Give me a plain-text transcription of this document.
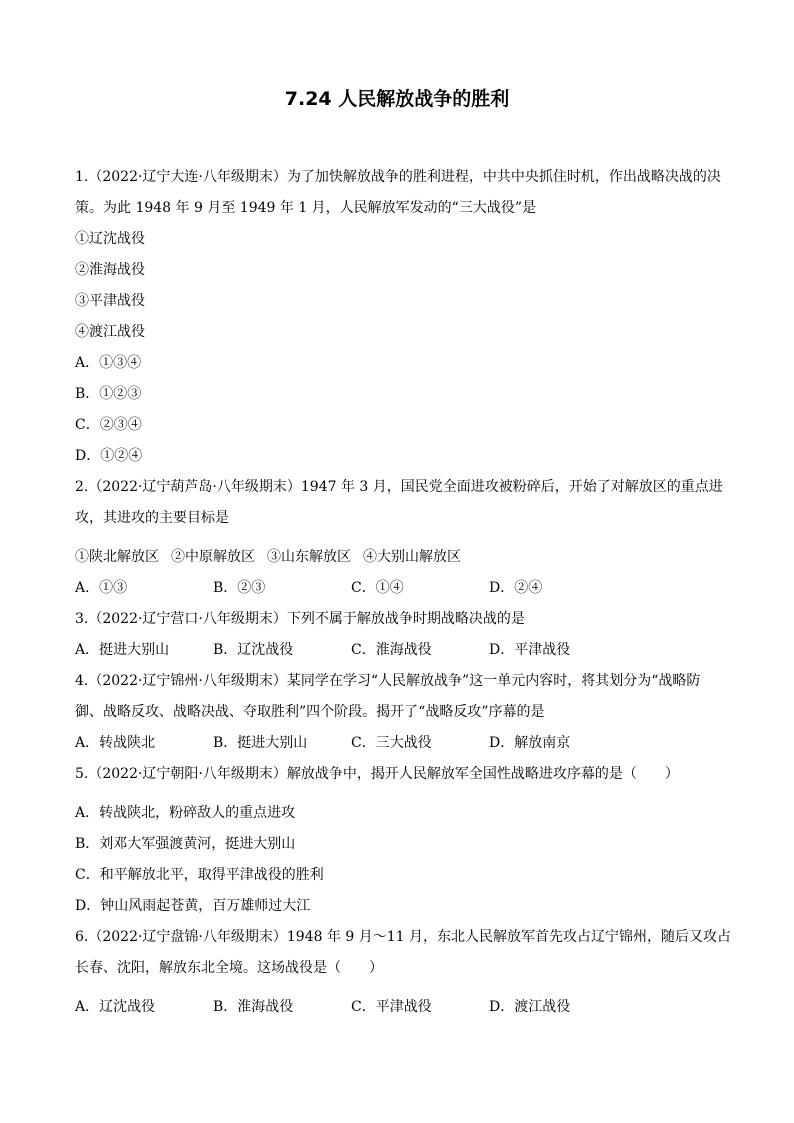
7.24 人民解放战争的胜利
1.（2022·辽宁大连·八年级期末）为了加快解放战争的胜利进程，中共中央抓住时机，作出战略决战的决
策。为此 1948 年 9 月至 1949 年 1 月，人民解放军发动的“三大战役”是
①辽沈战役
②淮海战役
③平津战役
④渡江战役
A．①③④
B．①②③
C．②③④
D．①②④
2.（2022·辽宁葫芦岛·八年级期末）1947 年 3 月，国民党全面进攻被粉碎后，开始了对解放区的重点进
攻，其进攻的主要目标是
①陕北解放区 ②中原解放区 ③山东解放区 ④大别山解放区
A．①③	B．②③	C．①④	D．②④
3.（2022·辽宁营口·八年级期末）下列不属于解放战争时期战略决战的是
A．挺进大别山	B．辽沈战役	C．淮海战役	D．平津战役
4.（2022·辽宁锦州·八年级期末）某同学在学习“人民解放战争”这一单元内容时，将其划分为“战略防
御、战略反攻、战略决战、夺取胜利”四个阶段。揭开了“战略反攻”序幕的是
A．转战陕北	B．挺进大别山	C．三大战役	D．解放南京
5.（2022·辽宁朝阳·八年级期末）解放战争中，揭开人民解放军全国性战略进攻序幕的是（　　）
A．转战陕北，粉碎敌人的重点进攻
B．刘邓大军强渡黄河，挺进大别山
C．和平解放北平，取得平津战役的胜利
D．钟山风雨起苍黄，百万雄师过大江
6.（2022·辽宁盘锦·八年级期末）1948 年 9 月～11 月，东北人民解放军首先攻占辽宁锦州，随后又攻占
长春、沈阳，解放东北全境。这场战役是（　　）
A．辽沈战役	B．淮海战役	C．平津战役	D．渡江战役
